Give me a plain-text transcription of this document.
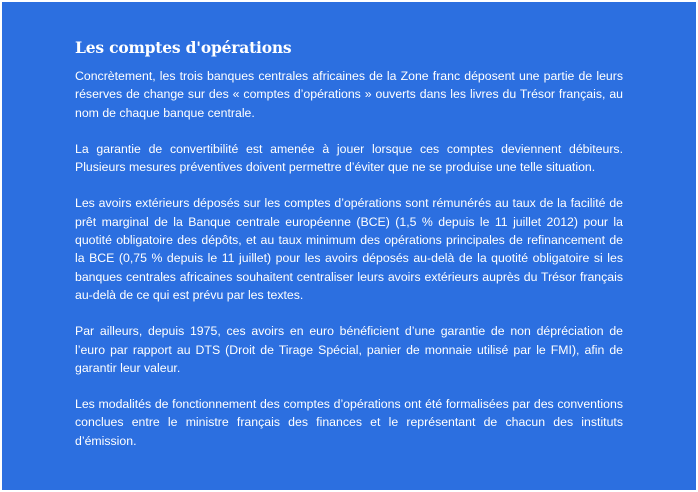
Les comptes d'opérations

Concrètement, les trois banques centrales africaines de la Zone franc déposent une partie de leurs réserves de change sur des « comptes d’opérations » ouverts dans les livres du Trésor français, au nom de chaque banque centrale.

La garantie de convertibilité est amenée à jouer lorsque ces comptes deviennent débiteurs. Plusieurs mesures préventives doivent permettre d’éviter que ne se produise une telle situation.

Les avoirs extérieurs déposés sur les comptes d’opérations sont rémunérés au taux de la facilité de prêt marginal de la Banque centrale européenne (BCE) (1,5 % depuis le 11 juillet 2012) pour la quotité obligatoire des dépôts, et au taux minimum des opérations principales de refinancement de la BCE (0,75 % depuis le 11 juillet) pour les avoirs déposés au-delà de la quotité obligatoire si les banques centrales africaines souhaitent centraliser leurs avoirs extérieurs auprès du Trésor français au-delà de ce qui est prévu par les textes.

Par ailleurs, depuis 1975, ces avoirs en euro bénéficient d’une garantie de non dépréciation de l’euro par rapport au DTS (Droit de Tirage Spécial, panier de monnaie utilisé par le FMI), afin de garantir leur valeur.

Les modalités de fonctionnement des comptes d’opérations ont été formalisées par des conventions conclues entre le ministre français des finances et le représentant de chacun des instituts d’émission.
